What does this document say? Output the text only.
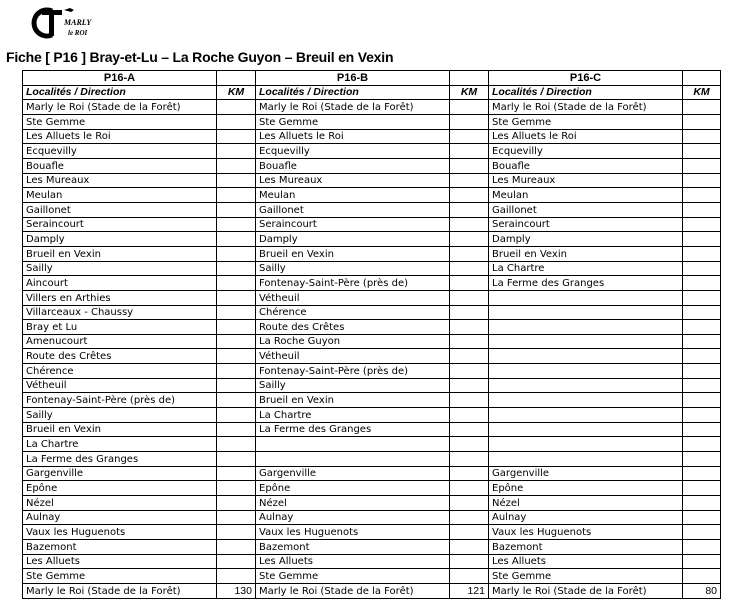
MARLY
le ROI
Fiche [ P16 ] Bray-et-Lu – La Roche Guyon – Breuil en Vexin
P16-A		P16-B		P16-C	
Localités / Direction	KM	Localités / Direction	KM	Localités / Direction	KM
Marly le Roi (Stade de la Forêt)		Marly le Roi (Stade de la Forêt)		Marly le Roi (Stade de la Forêt)	
Ste Gemme		Ste Gemme		Ste Gemme	
Les Alluets le Roi		Les Alluets le Roi		Les Alluets le Roi	
Ecquevilly		Ecquevilly		Ecquevilly	
Bouafle		Bouafle		Bouafle	
Les Mureaux		Les Mureaux		Les Mureaux	
Meulan		Meulan		Meulan	
Gaillonet		Gaillonet		Gaillonet	
Seraincourt		Seraincourt		Seraincourt	
Damply		Damply		Damply	
Brueil en Vexin		Brueil en Vexin		Brueil en Vexin	
Sailly		Sailly		La Chartre	
Aincourt		Fontenay-Saint-Père (près de)		La Ferme des Granges	
Villers en Arthies		Vétheuil			
Villarceaux - Chaussy		Chérence			
Bray et Lu		Route des Crêtes			
Amenucourt		La Roche Guyon			
Route des Crêtes		Vétheuil			
Chérence		Fontenay-Saint-Père (près de)			
Vétheuil		Sailly			
Fontenay-Saint-Père (près de)		Brueil en Vexin			
Sailly		La Chartre			
Brueil en Vexin		La Ferme des Granges			
La Chartre					
La Ferme des Granges					
Gargenville		Gargenville		Gargenville	
Epône		Epône		Epône	
Nézel		Nézel		Nézel	
Aulnay		Aulnay		Aulnay	
Vaux les Huguenots		Vaux les Huguenots		Vaux les Huguenots	
Bazemont		Bazemont		Bazemont	
Les Alluets		Les Alluets		Les Alluets	
Ste Gemme		Ste Gemme		Ste Gemme	
Marly le Roi (Stade de la Forêt)	130	Marly le Roi (Stade de la Forêt)	121	Marly le Roi (Stade de la Forêt)	80
